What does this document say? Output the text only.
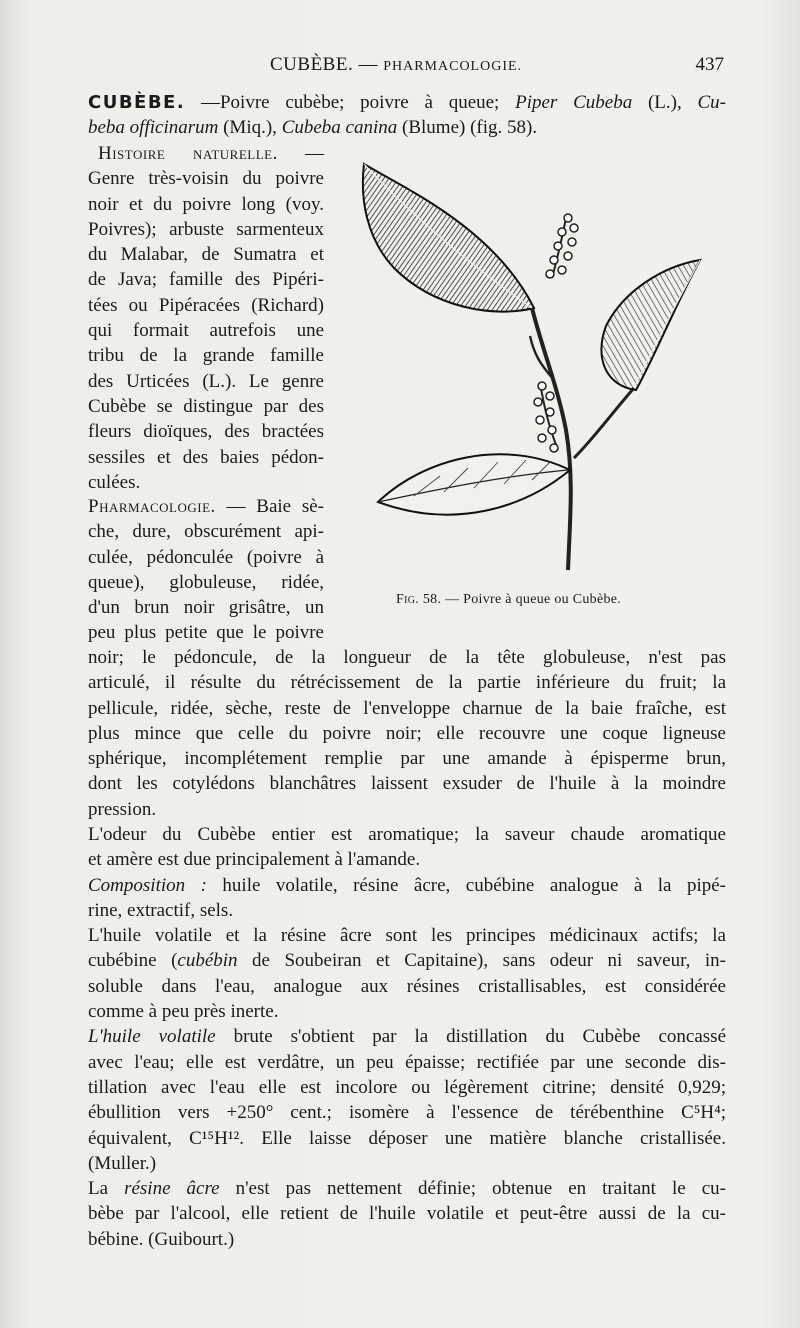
CUBÈBE. — PHARMACOLOGIE.	437

CUBÈBE. —Poivre cubèbe; poivre à queue; Piper Cubeba (L.), Cu-

beba officinarum (Miq.), Cubeba canina (Blume) (fig. 58).

Histoire naturelle. —

Genre très-voisin du poivre

noir et du poivre long (voy.

Poivres); arbuste sarmenteux

du Malabar, de Sumatra et

de Java; famille des Pipéri-

tées ou Pipéracées (Richard)

qui formait autrefois une

tribu de la grande famille

des Urticées (L.). Le genre

Cubèbe se distingue par des

fleurs dioïques, des bractées

sessiles et des baies pédon-

culées.

Pharmacologie. — Baie sè-

che, dure, obscurément api-

culée, pédonculée (poivre à

queue), globuleuse, ridée,

d'un brun noir grisâtre, un

peu plus petite que le poivre

noir; le pédoncule, de la longueur de la tête globuleuse, n'est pas

articulé, il résulte du rétrécissement de la partie inférieure du fruit; la

pellicule, ridée, sèche, reste de l'enveloppe charnue de la baie fraîche, est

plus mince que celle du poivre noir; elle recouvre une coque ligneuse

sphérique, incomplétement remplie par une amande à épisperme brun,

dont les cotylédons blanchâtres laissent exsuder de l'huile à la moindre

pression.

Fig. 58. — Poivre à queue ou Cubèbe.

L'odeur du Cubèbe entier est aromatique; la saveur chaude aromatique

et amère est due principalement à l'amande.

Composition : huile volatile, résine âcre, cubébine analogue à la pipé-

rine, extractif, sels.

L'huile volatile et la résine âcre sont les principes médicinaux actifs; la

cubébine (cubébin de Soubeiran et Capitaine), sans odeur ni saveur, in-

soluble dans l'eau, analogue aux résines cristallisables, est considérée

comme à peu près inerte.

L'huile volatile brute s'obtient par la distillation du Cubèbe concassé

avec l'eau; elle est verdâtre, un peu épaisse; rectifiée par une seconde dis-

tillation avec l'eau elle est incolore ou légèrement citrine; densité 0,929;

ébullition vers +250° cent.; isomère à l'essence de térébenthine C⁵H⁴;

équivalent, C¹⁵H¹². Elle laisse déposer une matière blanche cristallisée.

(Muller.)

La résine âcre n'est pas nettement définie; obtenue en traitant le cu-

bèbe par l'alcool, elle retient de l'huile volatile et peut-être aussi de la cu-

bébine. (Guibourt.)
